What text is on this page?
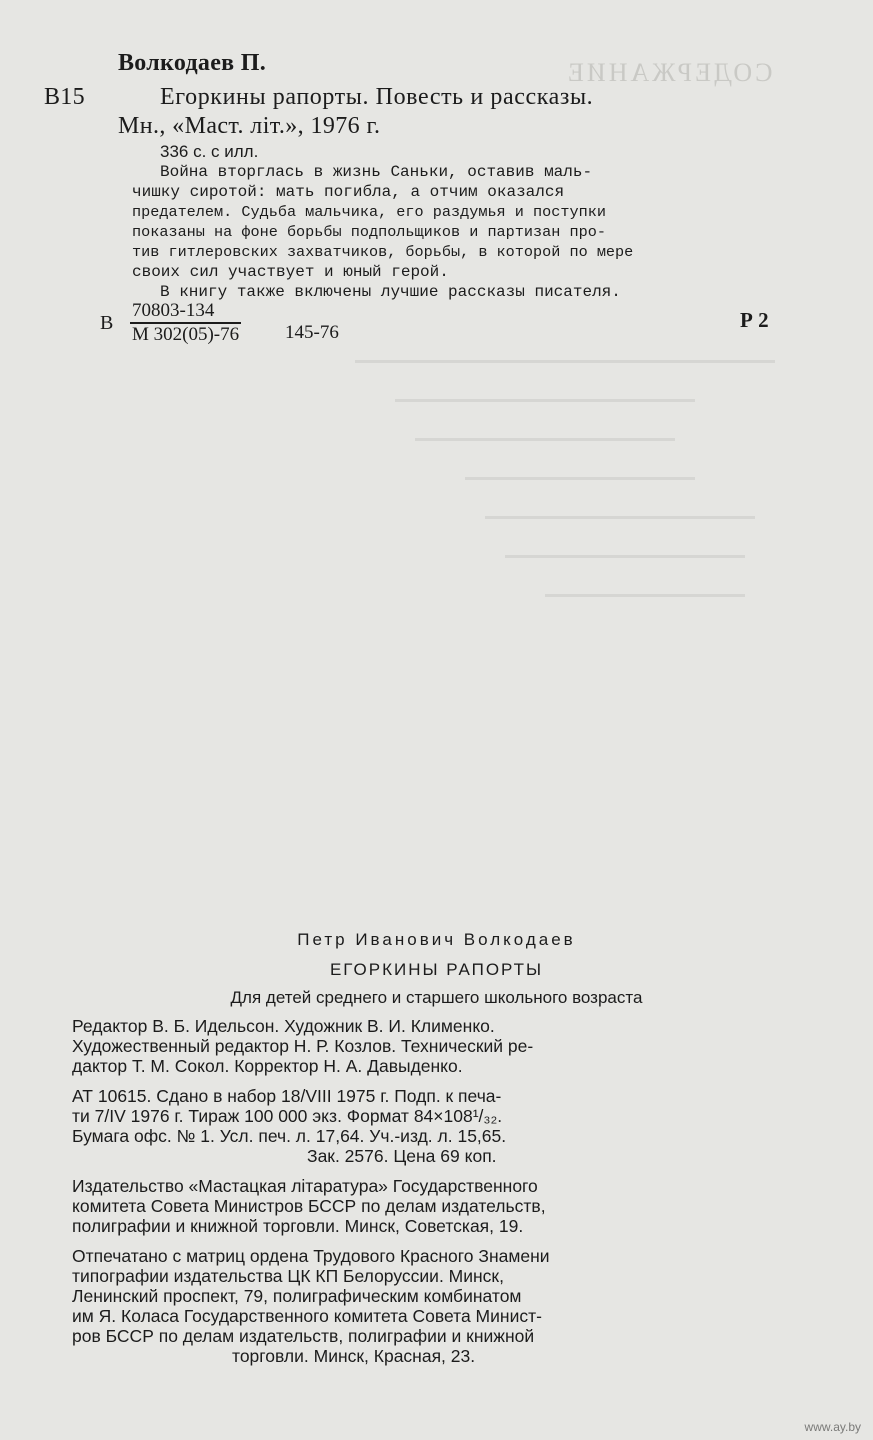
СОДЕРЖАНИЕ
Волкодаев П.
В15	Егоркины рапорты. Повесть и рассказы.
Мн., «Маст. літ.», 1976 г.
336 с. с илл.
Война вторглась в жизнь Саньки, оставив маль-
чишку сиротой: мать погибла, а отчим оказался
предателем. Судьба мальчика, его раздумья и поступки
показаны на фоне борьбы подпольщиков и партизан про-
тив гитлеровских захватчиков, борьбы, в которой по мере
своих сил участвует и юный герой.
В книгу также включены лучшие рассказы писателя.
В
70803-134
М 302(05)-76 145-76
Р 2
Петр Иванович Волкодаев
ЕГОРКИНЫ РАПОРТЫ
Для детей среднего и старшего школьного возраста
Редактор В. Б. Идельсон. Художник В. И. Клименко.
Художественный редактор Н. Р. Козлов. Технический ре-
дактор Т. М. Сокол. Корректор Н. А. Давыденко.
АТ 10615. Сдано в набор 18/VIII 1975 г. Подп. к печа-
ти 7/IV 1976 г. Тираж 100 000 экз. Формат 84×108¹/₃₂.
Бумага офс. № 1. Усл. печ. л. 17,64. Уч.-изд. л. 15,65.
Зак. 2576. Цена 69 коп.
Издательство «Мастацкая літаратура» Государственного
комитета Совета Министров БССР по делам издательств,
полиграфии и книжной торговли. Минск, Советская, 19.
Отпечатано с матриц ордена Трудового Красного Знамени
типографии издательства ЦК КП Белоруссии. Минск,
Ленинский проспект, 79, полиграфическим комбинатом
им Я. Коласа Государственного комитета Совета Минист-
ров БССР по делам издательств, полиграфии и книжной
торговли. Минск, Красная, 23.
www.ay.by
